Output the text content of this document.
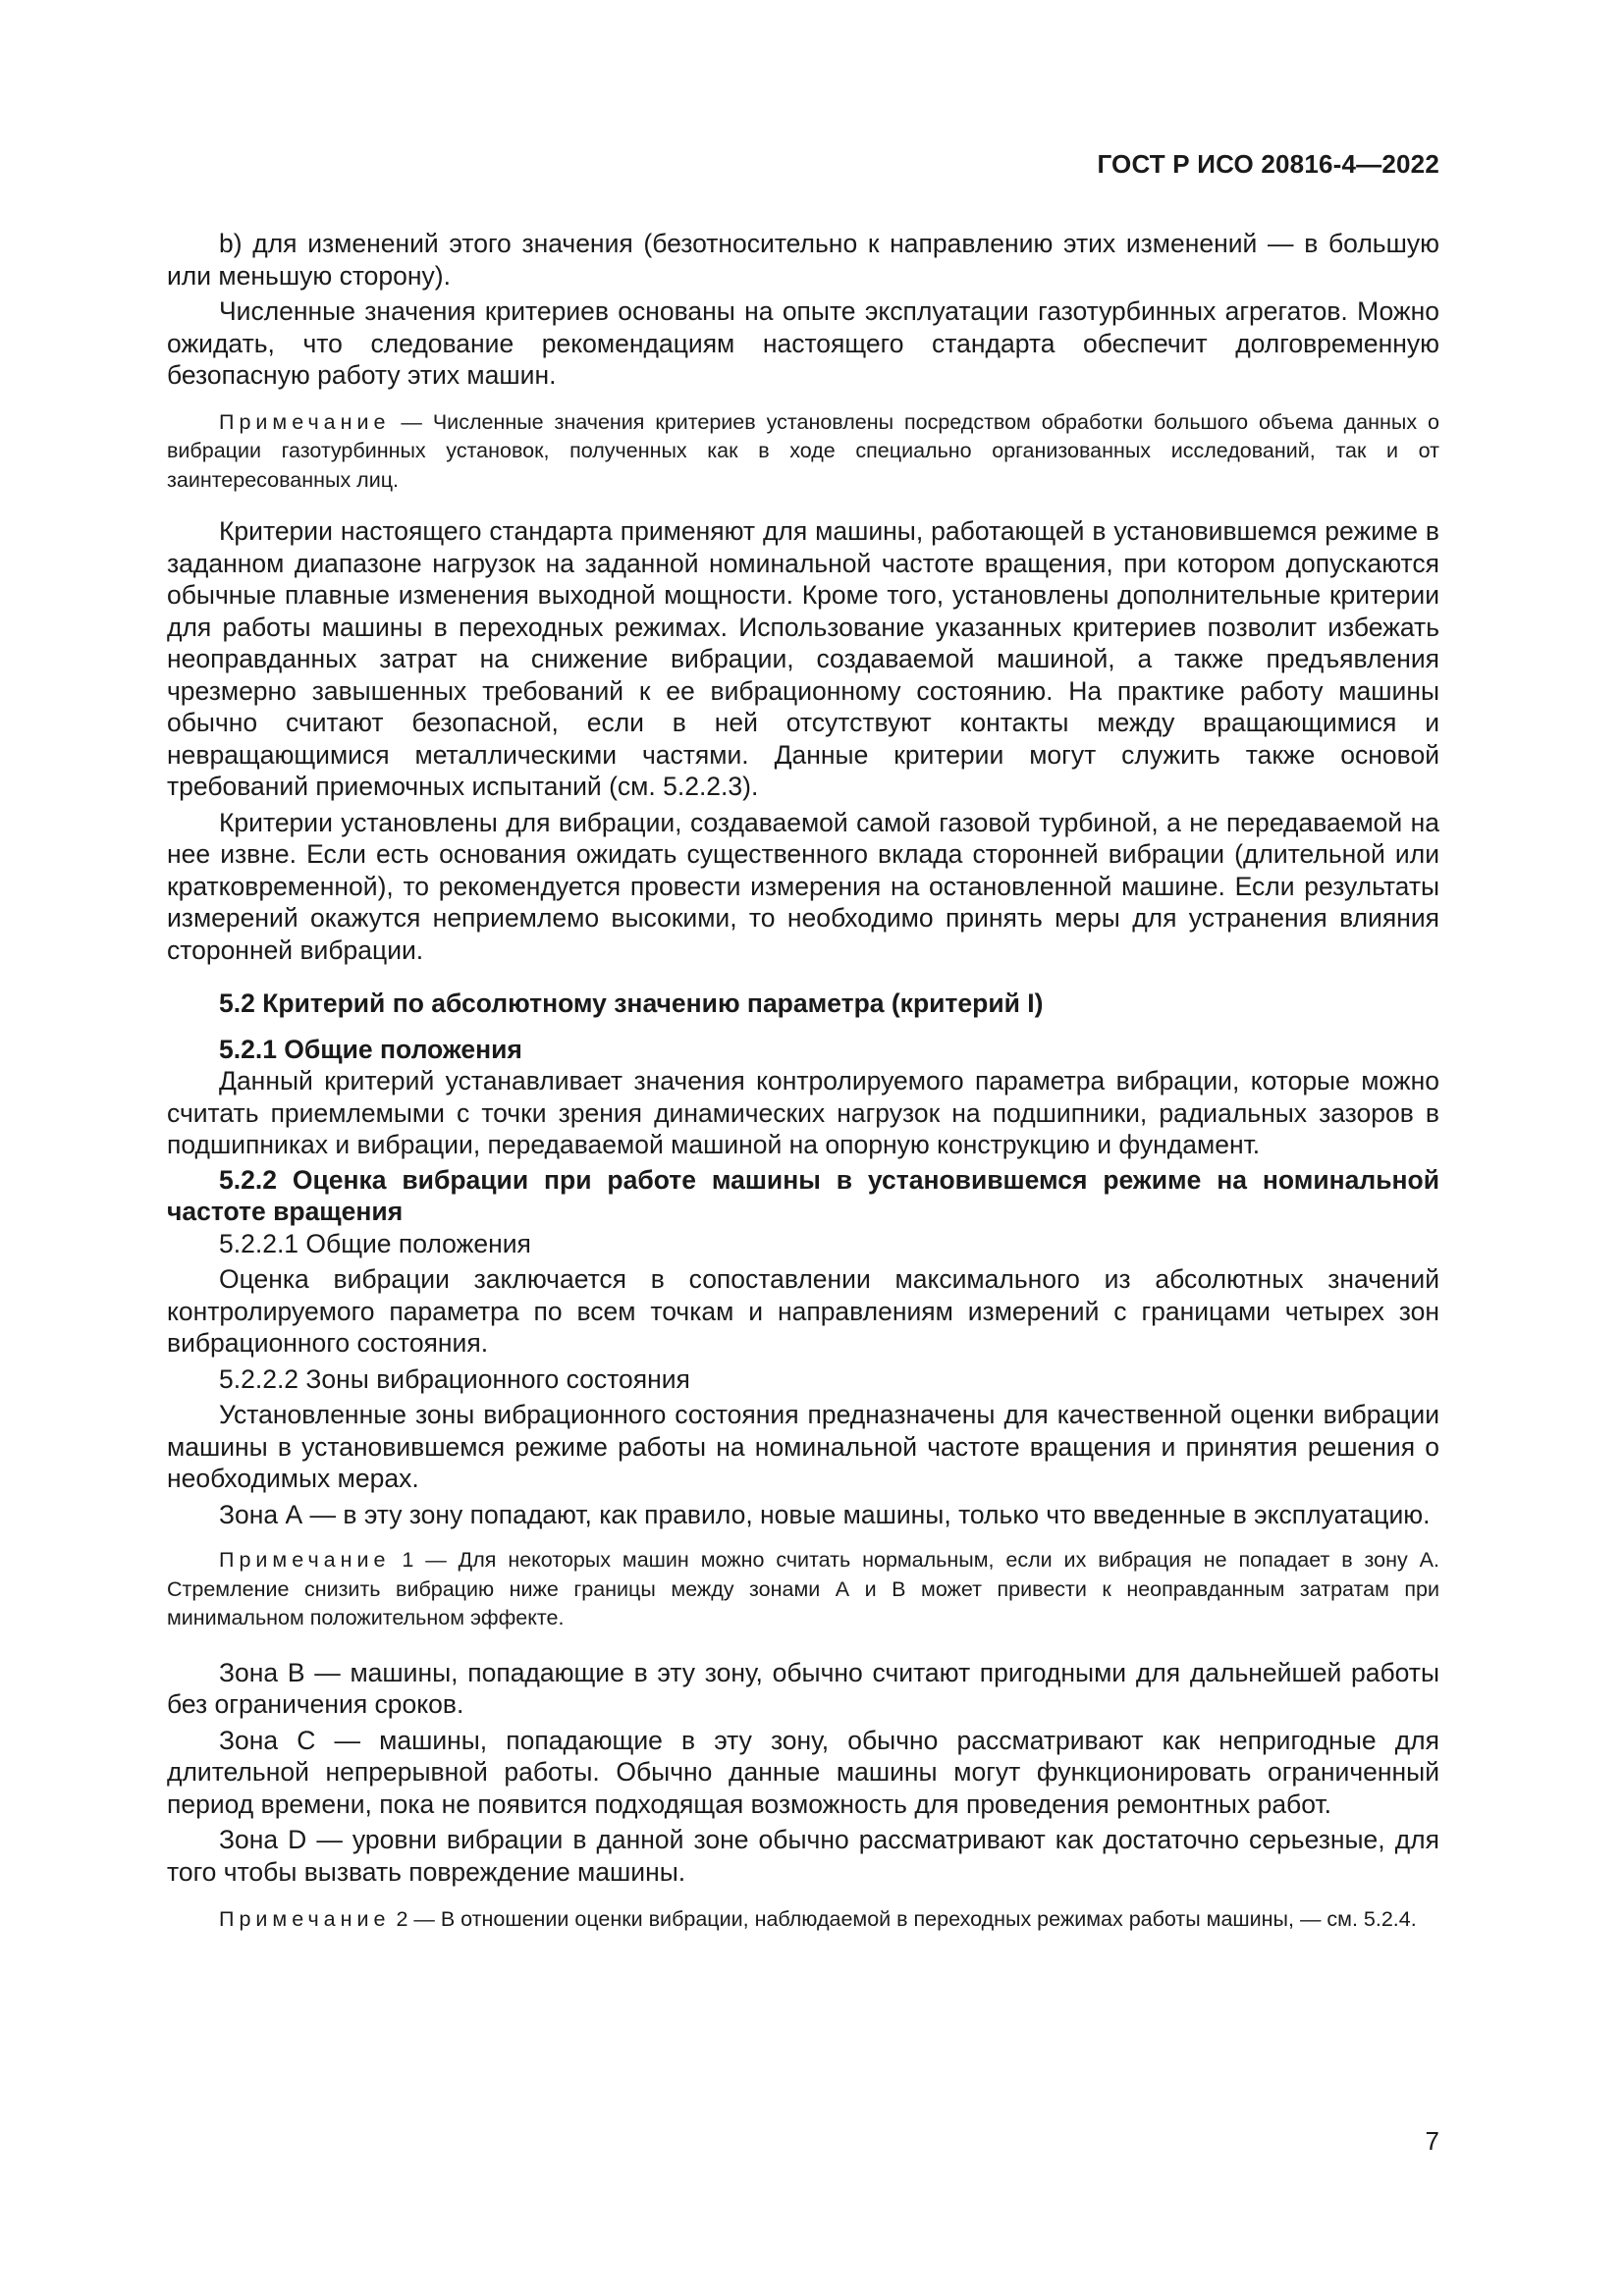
ГОСТ Р ИСО 20816-4—2022

b) для изменений этого значения (безотносительно к направлению этих изменений — в большую или меньшую сторону).

Численные значения критериев основаны на опыте эксплуатации газотурбинных агрегатов. Можно ожидать, что следование рекомендациям настоящего стандарта обеспечит долговременную безопасную работу этих машин.

Примечание — Численные значения критериев установлены посредством обработки большого объема данных о вибрации газотурбинных установок, полученных как в ходе специально организованных исследований, так и от заинтересованных лиц.

Критерии настоящего стандарта применяют для машины, работающей в установившемся режиме в заданном диапазоне нагрузок на заданной номинальной частоте вращения, при котором допускаются обычные плавные изменения выходной мощности. Кроме того, установлены дополнительные критерии для работы машины в переходных режимах. Использование указанных критериев позволит избежать неоправданных затрат на снижение вибрации, создаваемой машиной, а также предъявления чрезмерно завышенных требований к ее вибрационному состоянию. На практике работу машины обычно считают безопасной, если в ней отсутствуют контакты между вращающимися и невращающимися металлическими частями. Данные критерии могут служить также основой требований приемочных испытаний (см. 5.2.2.3).

Критерии установлены для вибрации, создаваемой самой газовой турбиной, а не передаваемой на нее извне. Если есть основания ожидать существенного вклада сторонней вибрации (длительной или кратковременной), то рекомендуется провести измерения на остановленной машине. Если результаты измерений окажутся неприемлемо высокими, то необходимо принять меры для устранения влияния сторонней вибрации.

5.2 Критерий по абсолютному значению параметра (критерий I)

5.2.1 Общие положения

Данный критерий устанавливает значения контролируемого параметра вибрации, которые можно считать приемлемыми с точки зрения динамических нагрузок на подшипники, радиальных зазоров в подшипниках и вибрации, передаваемой машиной на опорную конструкцию и фундамент.

5.2.2 Оценка вибрации при работе машины в установившемся режиме на номинальной частоте вращения

5.2.2.1 Общие положения

Оценка вибрации заключается в сопоставлении максимального из абсолютных значений контролируемого параметра по всем точкам и направлениям измерений с границами четырех зон вибрационного состояния.

5.2.2.2 Зоны вибрационного состояния

Установленные зоны вибрационного состояния предназначены для качественной оценки вибрации машины в установившемся режиме работы на номинальной частоте вращения и принятия решения о необходимых мерах.

Зона А — в эту зону попадают, как правило, новые машины, только что введенные в эксплуатацию.

Примечание 1 — Для некоторых машин можно считать нормальным, если их вибрация не попадает в зону А. Стремление снизить вибрацию ниже границы между зонами А и В может привести к неоправданным затратам при минимальном положительном эффекте.

Зона В — машины, попадающие в эту зону, обычно считают пригодными для дальнейшей работы без ограничения сроков.

Зона С — машины, попадающие в эту зону, обычно рассматривают как непригодные для длительной непрерывной работы. Обычно данные машины могут функционировать ограниченный период времени, пока не появится подходящая возможность для проведения ремонтных работ.

Зона D — уровни вибрации в данной зоне обычно рассматривают как достаточно серьезные, для того чтобы вызвать повреждение машины.

Примечание 2 — В отношении оценки вибрации, наблюдаемой в переходных режимах работы машины, — см. 5.2.4.

7
